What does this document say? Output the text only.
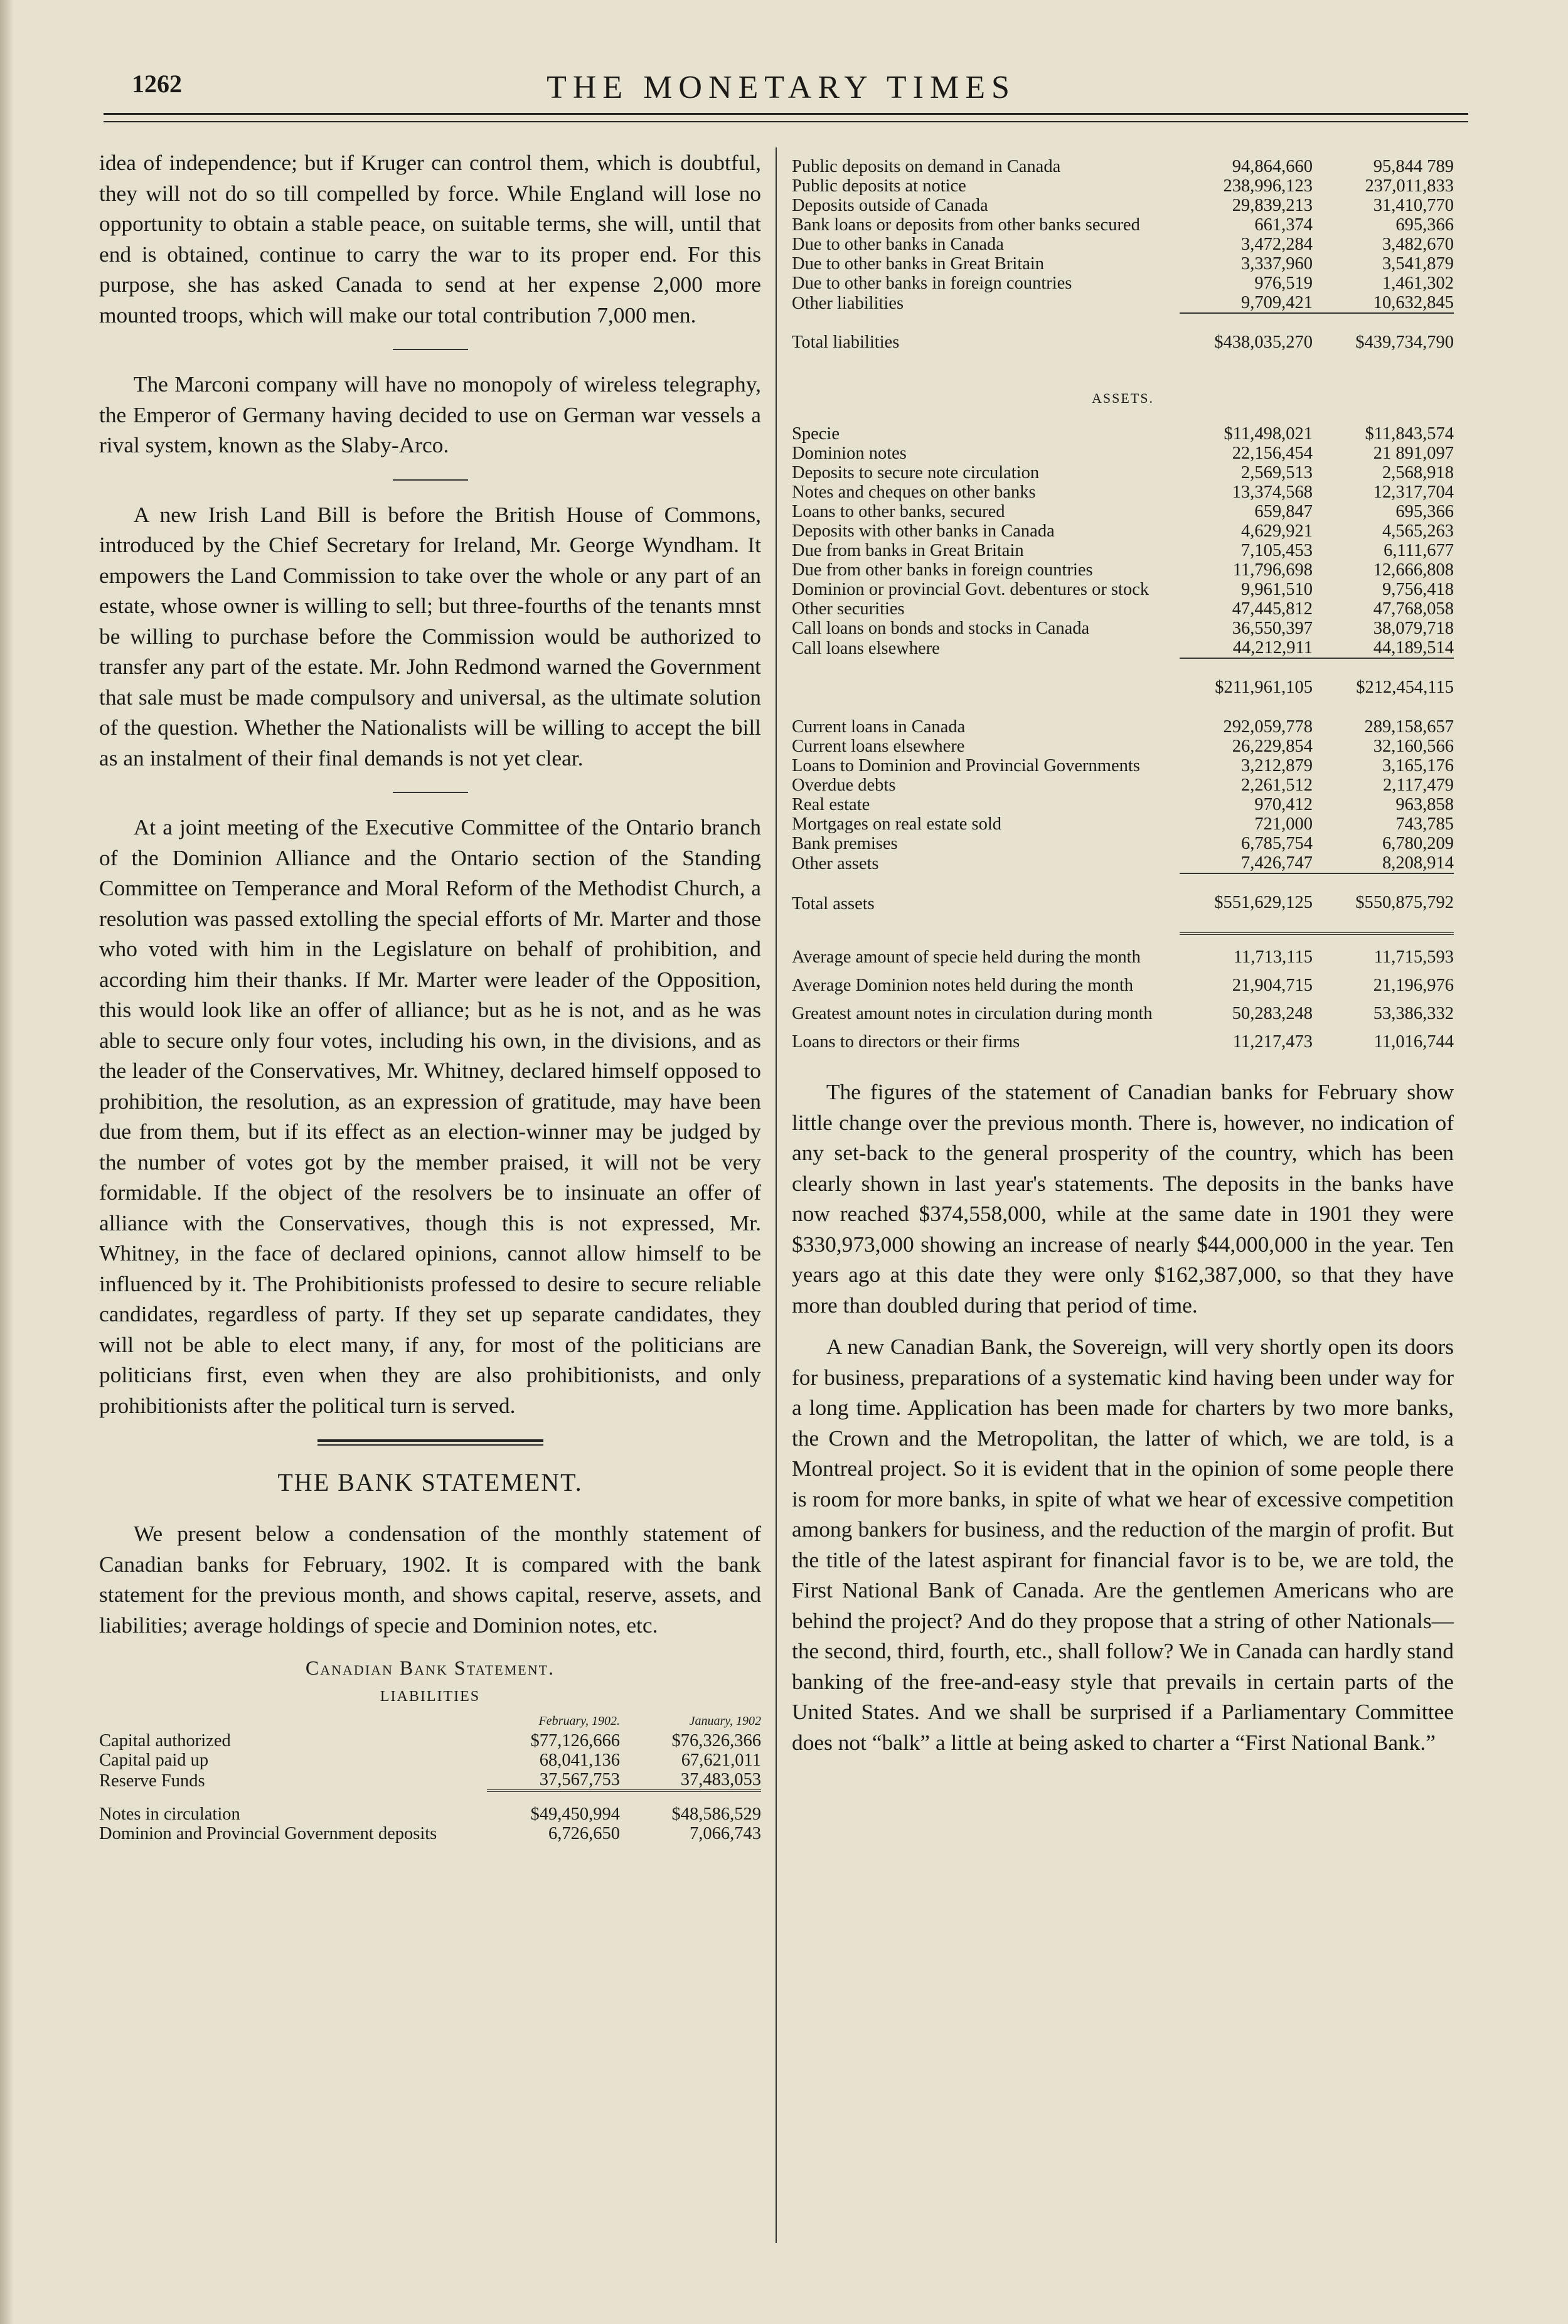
1262	THE MONETARY TIMES

idea of independence; but if Kruger can control them, which is doubtful, they will not do so till compelled by force. While England will lose no opportunity to obtain a stable peace, on suitable terms, she will, until that end is obtained, continue to carry the war to its proper end. For this purpose, she has asked Canada to send at her expense 2,000 more mounted troops, which will make our total contribution 7,000 men.

The Marconi company will have no monopoly of wireless telegraphy, the Emperor of Germany having decided to use on German war vessels a rival system, known as the Slaby-Arco.

A new Irish Land Bill is before the British House of Commons, introduced by the Chief Secretary for Ireland, Mr. George Wyndham. It empowers the Land Commission to take over the whole or any part of an estate, whose owner is willing to sell; but three-fourths of the tenants mnst be willing to purchase before the Commission would be authorized to transfer any part of the estate. Mr. John Redmond warned the Government that sale must be made compulsory and universal, as the ultimate solution of the question. Whether the Nationalists will be willing to accept the bill as an instalment of their final demands is not yet clear.

At a joint meeting of the Executive Committee of the Ontario branch of the Dominion Alliance and the Ontario section of the Standing Committee on Temperance and Moral Reform of the Methodist Church, a resolution was passed extolling the special efforts of Mr. Marter and those who voted with him in the Legislature on behalf of prohibition, and according him their thanks. If Mr. Marter were leader of the Opposition, this would look like an offer of alliance; but as he is not, and as he was able to secure only four votes, including his own, in the divisions, and as the leader of the Conservatives, Mr. Whitney, declared himself opposed to prohibition, the resolution, as an expression of gratitude, may have been due from them, but if its effect as an election-winner may be judged by the number of votes got by the member praised, it will not be very formidable. If the object of the resolvers be to insinuate an offer of alliance with the Conservatives, though this is not expressed, Mr. Whitney, in the face of declared opinions, cannot allow himself to be influenced by it. The Prohibitionists professed to desire to secure reliable candidates, regardless of party. If they set up separate candidates, they will not be able to elect many, if any, for most of the politicians are politicians first, even when they are also prohibitionists, and only prohibitionists after the political turn is served.

THE BANK STATEMENT.

We present below a condensation of the monthly statement of Canadian banks for February, 1902. It is compared with the bank statement for the previous month, and shows capital, reserve, assets, and liabilities; average holdings of specie and Dominion notes, etc.

Canadian Bank Statement.
LIABILITIES
	February, 1902.	January, 1902
Capital authorized	$77,126,666	$76,326,366
Capital paid up	68,041,136	67,621,011
Reserve Funds	37,567,753	37,483,053

Notes in circulation	$49,450,994	$48,586,529
Dominion and Provincial Government deposits	6,726,650	7,066,743
Public deposits on demand in Canada	94,864,660	95,844 789
Public deposits at notice	238,996,123	237,011,833
Deposits outside of Canada	29,839,213	31,410,770
Bank loans or deposits from other banks secured	661,374	695,366
Due to other banks in Canada	3,472,284	3,482,670
Due to other banks in Great Britain	3,337,960	3,541,879
Due to other banks in foreign countries	976,519	1,461,302
Other liabilities	9,709,421	10,632,845

Total liabilities	$438,035,270	$439,734,790
ASSETS.		
Specie	$11,498,021	$11,843,574
Dominion notes	22,156,454	21 891,097
Deposits to secure note circulation	2,569,513	2,568,918
Notes and cheques on other banks	13,374,568	12,317,704
Loans to other banks, secured	659,847	695,366
Deposits with other banks in Canada	4,629,921	4,565,263
Due from banks in Great Britain	7,105,453	6,111,677
Due from other banks in foreign countries	11,796,698	12,666,808
Dominion or provincial Govt. debentures or stock	9,961,510	9,756,418
Other securities	47,445,812	47,768,058
Call loans on bonds and stocks in Canada	36,550,397	38,079,718
Call loans elsewhere	44,212,911	44,189,514

	$211,961,105	$212,454,115
Current loans in Canada	292,059,778	289,158,657
Current loans elsewhere	26,229,854	32,160,566
Loans to Dominion and Provincial Governments	3,212,879	3,165,176
Overdue debts	2,261,512	2,117,479
Real estate	970,412	963,858
Mortgages on real estate sold	721,000	743,785
Bank premises	6,785,754	6,780,209
Other assets	7,426,747	8,208,914

Total assets	$551,629,125	$550,875,792

Average amount of specie held during the month	11,713,115	11,715,593
Average Dominion notes held during the month	21,904,715	21,196,976
Greatest amount notes in circulation during month	50,283,248	53,386,332
Loans to directors or their firms	11,217,473	11,016,744

The figures of the statement of Canadian banks for February show little change over the previous month. There is, however, no indication of any set-back to the general prosperity of the country, which has been clearly shown in last year's statements. The deposits in the banks have now reached $374,558,000, while at the same date in 1901 they were $330,973,000 showing an increase of nearly $44,000,000 in the year. Ten years ago at this date they were only $162,387,000, so that they have more than doubled during that period of time.

A new Canadian Bank, the Sovereign, will very shortly open its doors for business, preparations of a systematic kind having been under way for a long time. Application has been made for charters by two more banks, the Crown and the Metropolitan, the latter of which, we are told, is a Montreal project. So it is evident that in the opinion of some people there is room for more banks, in spite of what we hear of excessive competition among bankers for business, and the reduction of the margin of profit. But the title of the latest aspirant for financial favor is to be, we are told, the First National Bank of Canada. Are the gentlemen Americans who are behind the project? And do they propose that a string of other Nationals—the second, third, fourth, etc., shall follow? We in Canada can hardly stand banking of the free-and-easy style that prevails in certain parts of the United States. And we shall be surprised if a Parliamentary Committee does not “balk” a little at being asked to charter a “First National Bank.”
